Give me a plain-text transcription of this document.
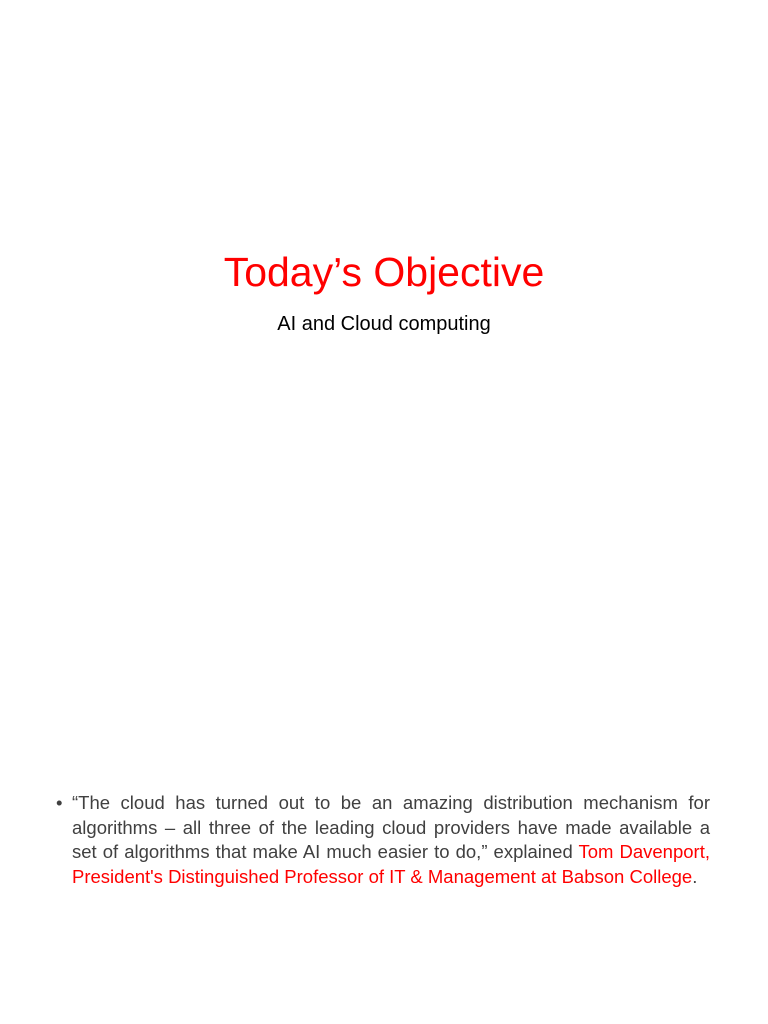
Today’s Objective

AI and Cloud computing

• “The cloud has turned out to be an amazing distribution mechanism for algorithms – all three of the leading cloud providers have made available a set of algorithms that make AI much easier to do,” explained Tom Davenport, President's Distinguished Professor of IT & Management at Babson College.
